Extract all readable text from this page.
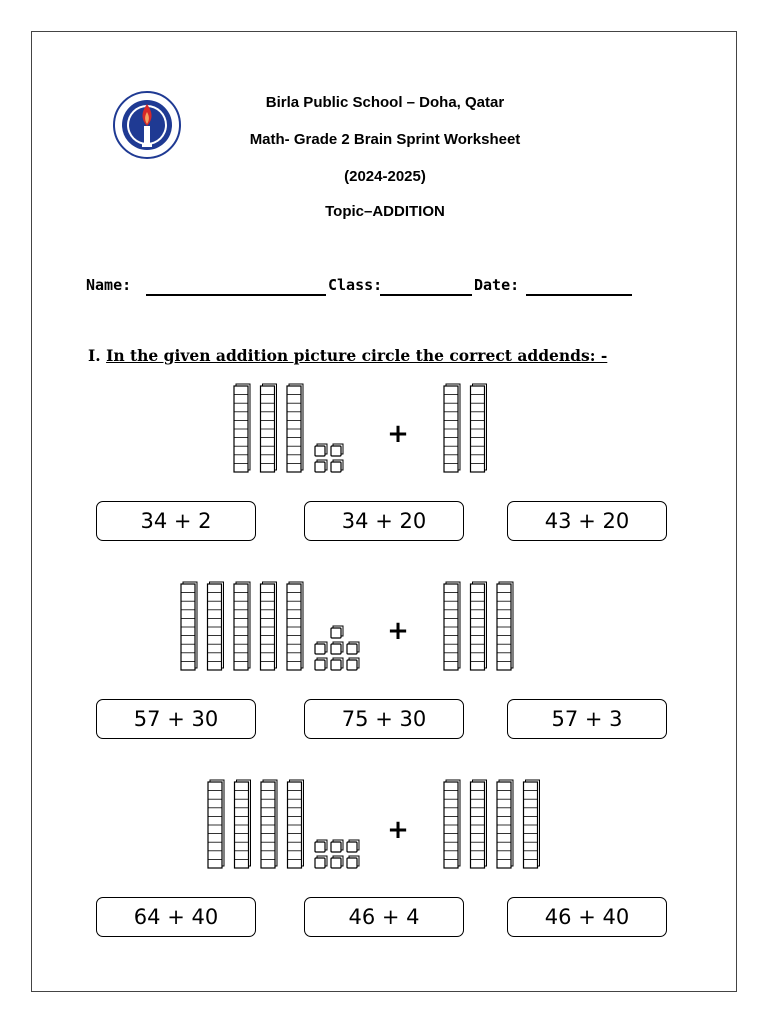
Birla Public School – Doha, Qatar
Math- Grade 2 Brain Sprint Worksheet
(2024-2025)
Topic–ADDITION
Name:	Class:	Date:
I. In the given addition picture circle the correct addends: -
+
+
+
34 + 2	34 + 20	43 + 20
57 + 30	75 + 30	57 + 3
64 + 40	46 + 4	46 + 40
